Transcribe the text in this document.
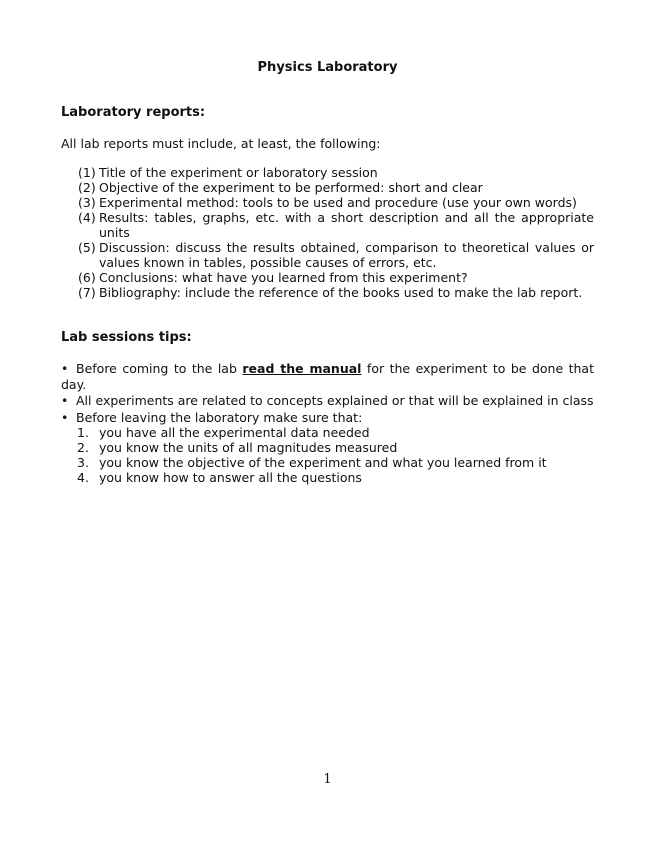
Physics Laboratory
Laboratory reports:
All lab reports must include, at least, the following:
(1) Title of the experiment or laboratory session
(2) Objective of the experiment to be performed: short and clear
(3) Experimental method: tools to be used and procedure (use your own words)
(4) Results: tables, graphs, etc. with a short description and all the appropriate units
(5) Discussion: discuss the results obtained, comparison to theoretical values or values known in tables, possible causes of errors, etc.
(6) Conclusions: what have you learned from this experiment?
(7) Bibliography: include the reference of the books used to make the lab report.
Lab sessions tips:

• Before coming to the lab read the manual for the experiment to be done that day.

• All experiments are related to concepts explained or that will be explained in class

• Before leaving the laboratory make sure that:

1. you have all the experimental data needed
2. you know the units of all magnitudes measured
3. you know the objective of the experiment and what you learned from it
4. you know how to answer all the questions
1
